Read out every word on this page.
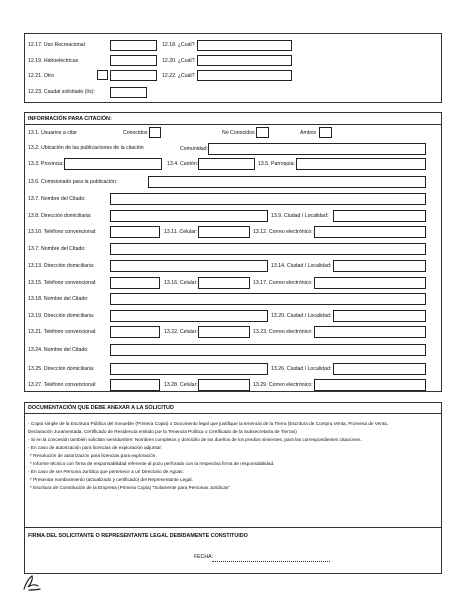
12.17. Uso Recreacional	12.18. ¿Cuál?
12.19. Hidroeléctricas	12.20. ¿Cuál?
12.21. Otro	12.22. ¿Cuál?
12.23. Caudal solicitado (l/s):
INFORMACIÓN PARA CITACIÓN:
13.1. Usuarios a citar	Conocidos	No Conocidos	Ambos
13.2. Ubicación de las publicaciones de la citación	Comunidad:
13.3. Provincia:	13.4. Cantón:	13.5. Parroquia:
13.6. Comisionado para la publicación:
13.7. Nombre del Citado:
13.8. Dirección domiciliaria:	13.9. Ciudad / Localidad:
13.10. Teléfono convencional:	13.11. Celular:	13.12. Correo electrónico:
13.7. Nombre del Citado:
13.13. Dirección domiciliaria:	13.14. Ciudad / Localidad:
13.15. Teléfono convencional:	13.16. Celular:	13.17. Correo electrónico:
13.18. Nombre del Citado:
13.19. Dirección domiciliaria:	13.20. Ciudad / Localidad:
13.21. Teléfono convencional:	13.22. Celular:	13.23. Correo electrónico:
13.24. Nombre del Citado:
13.25. Dirección domiciliaria:	13.26. Ciudad / Localidad:
13.27. Teléfono convencional:	13.28. Celular:	13.29. Correo electrónico:
DOCUMENTACIÓN QUE DEBE ANEXAR A LA SOLICITUD
- Copia simple de la Escritura Pública del Inmueble (Primera Copia) o Documento legal que justifique la tenencia de la Tierra (Escritura de Compra Venta, Promesa de Venta,
Declaración Juramentada, Certificado de Residencia emitido por la Tenencia Política o Certificado de la Subsecretaría de Tierras)
- Si en la concesión también solicitan servidumbre: Nombres completos y domicilio de los dueños de los predios sirvientes, para las correspondientes citaciones.
- En caso de autorización para licencias de exploración adjuntar:
* Resolución de autorización para licencias para exploración.
* Informe técnico con firma de responsabilidad referente al pozo perforado con la respectiva firma de responsabilidad.
- En caso de ser Persona Jurídica que pertenece a un Directorio de Aguas:
* Presentar nombramiento (actualizado y certificado) del Representante Legal.
* Escritura de Constitución de la Empresa (Primera Copia) "Solamente para Personas Jurídicas"
FIRMA DEL SOLICITANTE O REPRESENTANTE LEGAL DEBIDAMENTE CONSTITUIDO
FECHA:
